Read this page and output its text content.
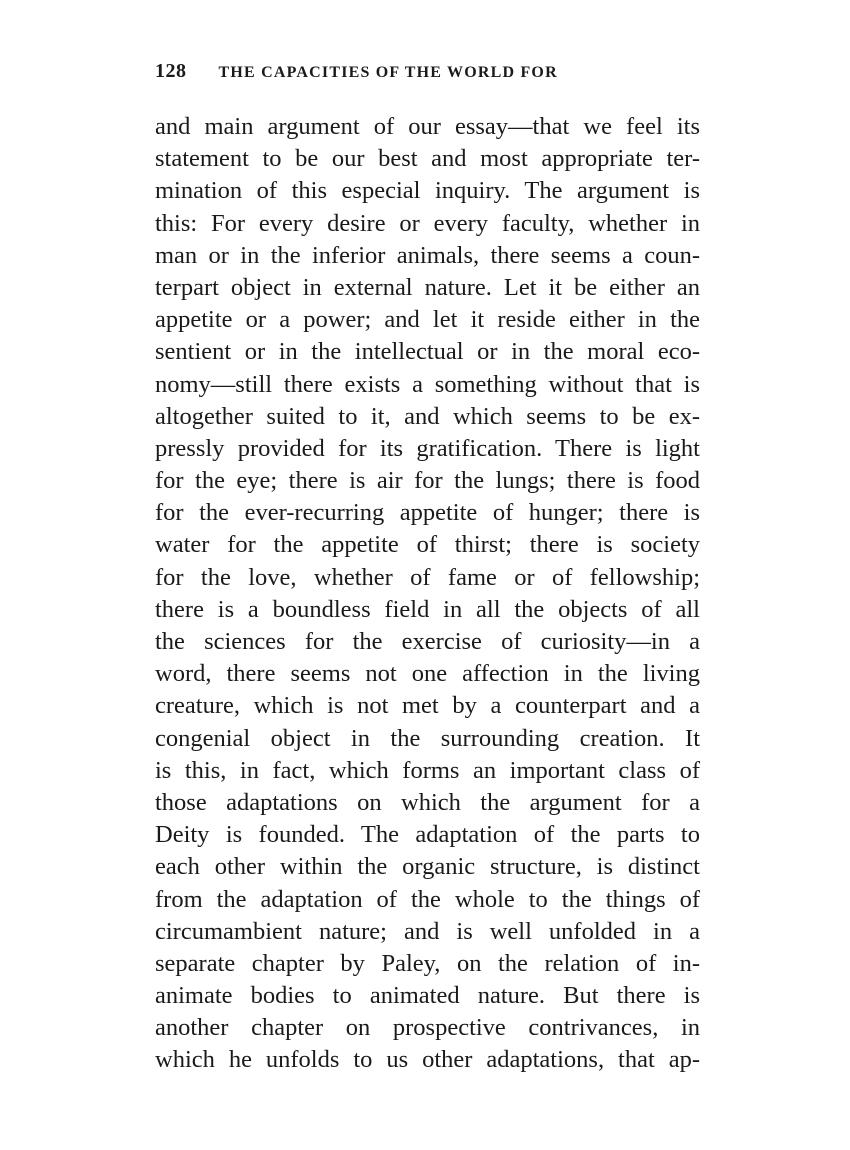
128 THE CAPACITIES OF THE WORLD FOR
and main argument of our essay—that we feel its
statement to be our best and most appropriate ter-
mination of this especial inquiry. The argument is
this: For every desire or every faculty, whether in
man or in the inferior animals, there seems a coun-
terpart object in external nature. Let it be either an
appetite or a power; and let it reside either in the
sentient or in the intellectual or in the moral eco-
nomy—still there exists a something without that is
altogether suited to it, and which seems to be ex-
pressly provided for its gratification. There is light
for the eye; there is air for the lungs; there is food
for the ever-recurring appetite of hunger; there is
water for the appetite of thirst; there is society
for the love, whether of fame or of fellowship;
there is a boundless field in all the objects of all
the sciences for the exercise of curiosity—in a
word, there seems not one affection in the living
creature, which is not met by a counterpart and a
congenial object in the surrounding creation. It
is this, in fact, which forms an important class of
those adaptations on which the argument for a
Deity is founded. The adaptation of the parts to
each other within the organic structure, is distinct
from the adaptation of the whole to the things of
circumambient nature; and is well unfolded in a
separate chapter by Paley, on the relation of in-
animate bodies to animated nature. But there is
another chapter on prospective contrivances, in
which he unfolds to us other adaptations, that ap-
